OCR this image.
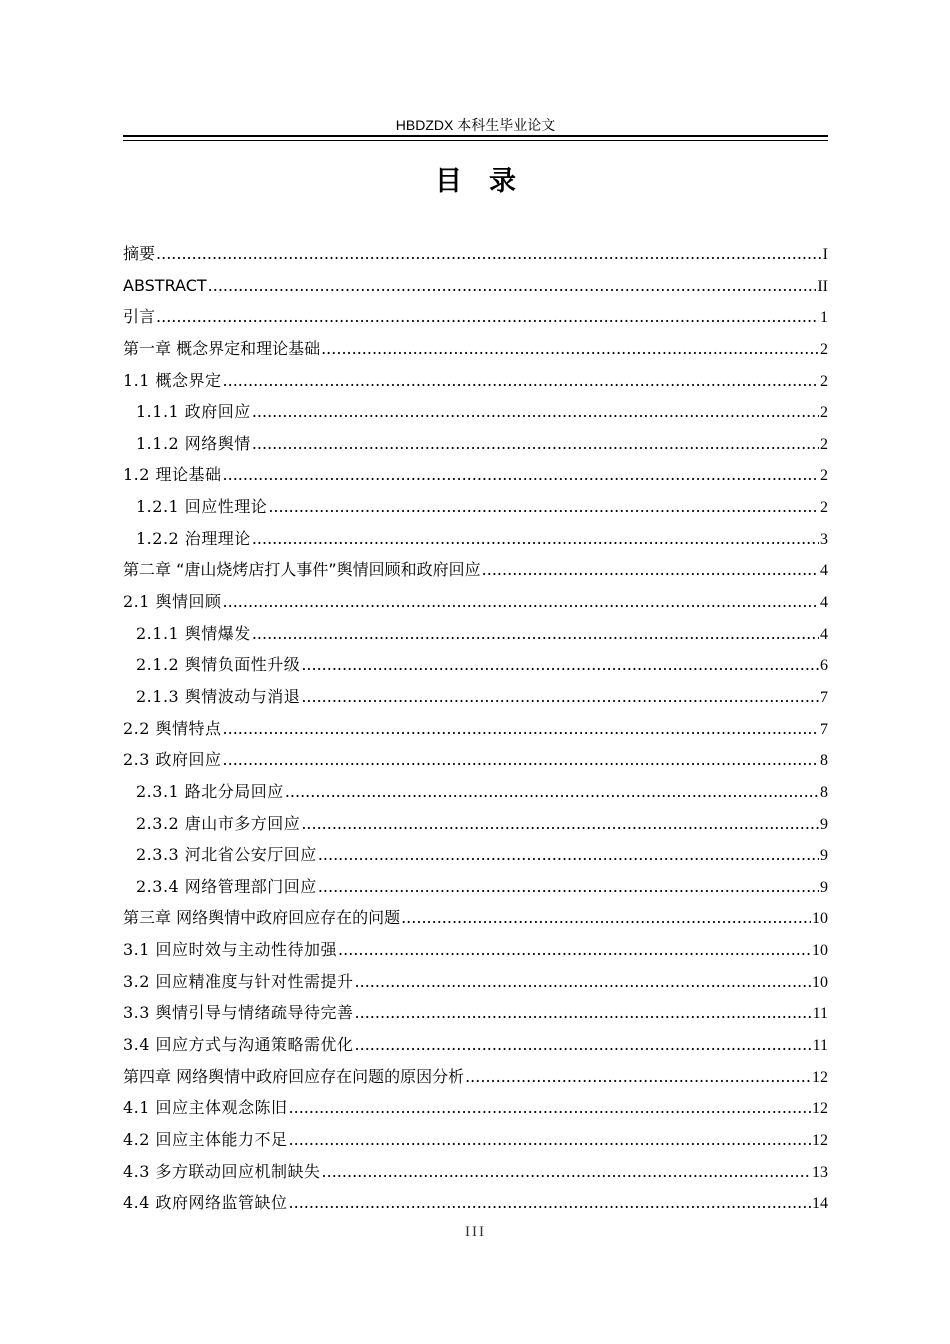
HBDZDX 本科生毕业论文
目　录
摘要 .....	I
ABSTRACT .....	II
引言 .....	1
第一章 概念界定和理论基础 .....	2
1.1 概念界定 .....	2
1.1.1 政府回应 .....	2
1.1.2 网络舆情 .....	2
1.2 理论基础 .....	2
1.2.1 回应性理论 .....	2
1.2.2 治理理论 .....	3
第二章 “唐山烧烤店打人事件”舆情回顾和政府回应 .....	4
2.1 舆情回顾 .....	4
2.1.1 舆情爆发 .....	4
2.1.2 舆情负面性升级 .....	6
2.1.3 舆情波动与消退 .....	7
2.2 舆情特点 .....	7
2.3 政府回应 .....	8
2.3.1 路北分局回应 .....	8
2.3.2 唐山市多方回应 .....	9
2.3.3 河北省公安厅回应 .....	9
2.3.4 网络管理部门回应 .....	9
第三章 网络舆情中政府回应存在的问题 .....	10
3.1 回应时效与主动性待加强 .....	10
3.2 回应精准度与针对性需提升 .....	10
3.3 舆情引导与情绪疏导待完善 .....	11
3.4 回应方式与沟通策略需优化 .....	11
第四章 网络舆情中政府回应存在问题的原因分析 .....	12
4.1 回应主体观念陈旧 .....	12
4.2 回应主体能力不足 .....	12
4.3 多方联动回应机制缺失 .....	13
4.4 政府网络监管缺位 .....	14
III
